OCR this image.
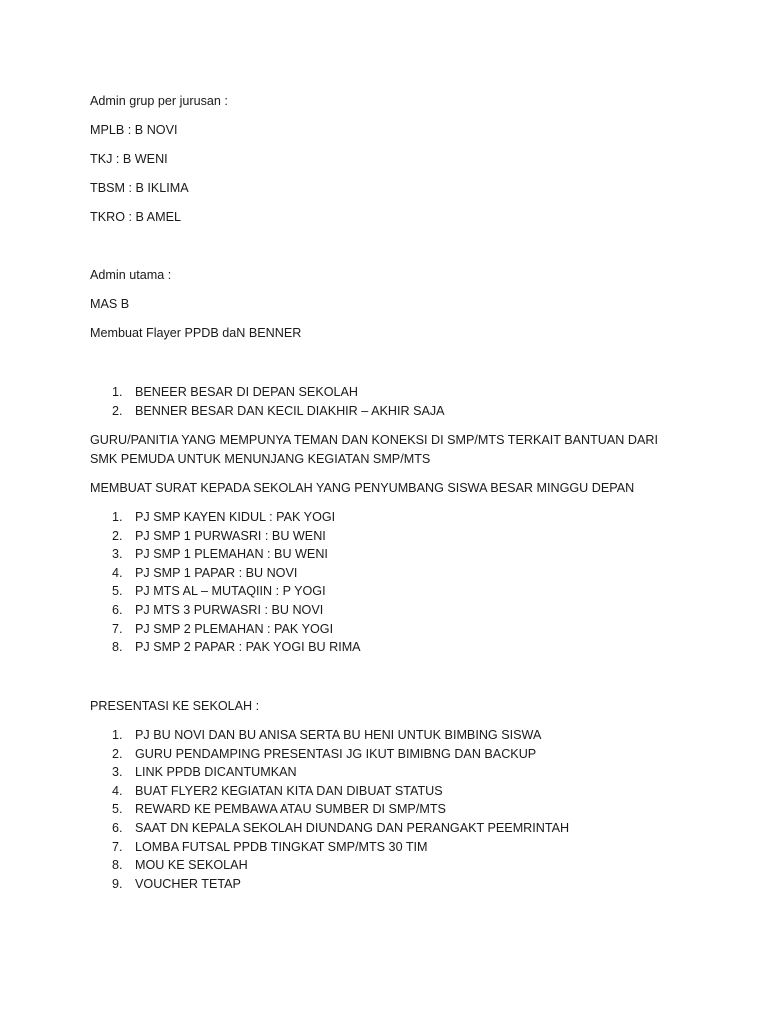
Admin grup per jurusan :

MPLB : B NOVI

TKJ : B WENI

TBSM : B IKLIMA

TKRO : B AMEL

Admin utama :

MAS B

Membuat Flayer PPDB daN BENNER

1. BENEER BESAR DI DEPAN SEKOLAH
2. BENNER BESAR DAN KECIL DIAKHIR – AKHIR SAJA

GURU/PANITIA YANG MEMPUNYA TEMAN DAN KONEKSI DI SMP/MTS TERKAIT BANTUAN DARI SMK PEMUDA UNTUK MENUNJANG KEGIATAN SMP/MTS

MEMBUAT SURAT KEPADA SEKOLAH YANG PENYUMBANG SISWA BESAR MINGGU DEPAN

1. PJ SMP KAYEN KIDUL : PAK YOGI
2. PJ SMP 1 PURWASRI : BU WENI
3. PJ SMP 1 PLEMAHAN : BU WENI
4. PJ SMP 1 PAPAR : BU NOVI
5. PJ MTS AL – MUTAQIIN : P YOGI
6. PJ MTS 3 PURWASRI : BU NOVI
7. PJ SMP 2 PLEMAHAN : PAK YOGI
8. PJ SMP 2 PAPAR : PAK YOGI BU RIMA

PRESENTASI KE SEKOLAH :

1. PJ BU NOVI DAN BU ANISA SERTA BU HENI UNTUK BIMBING SISWA
2. GURU PENDAMPING PRESENTASI JG IKUT BIMIBNG DAN BACKUP
3. LINK PPDB DICANTUMKAN
4. BUAT FLYER2 KEGIATAN KITA DAN DIBUAT STATUS
5. REWARD KE PEMBAWA ATAU SUMBER DI SMP/MTS
6. SAAT DN KEPALA SEKOLAH DIUNDANG DAN PERANGAKT PEEMRINTAH
7. LOMBA FUTSAL PPDB TINGKAT SMP/MTS 30 TIM
8. MOU KE SEKOLAH
9. VOUCHER TETAP
